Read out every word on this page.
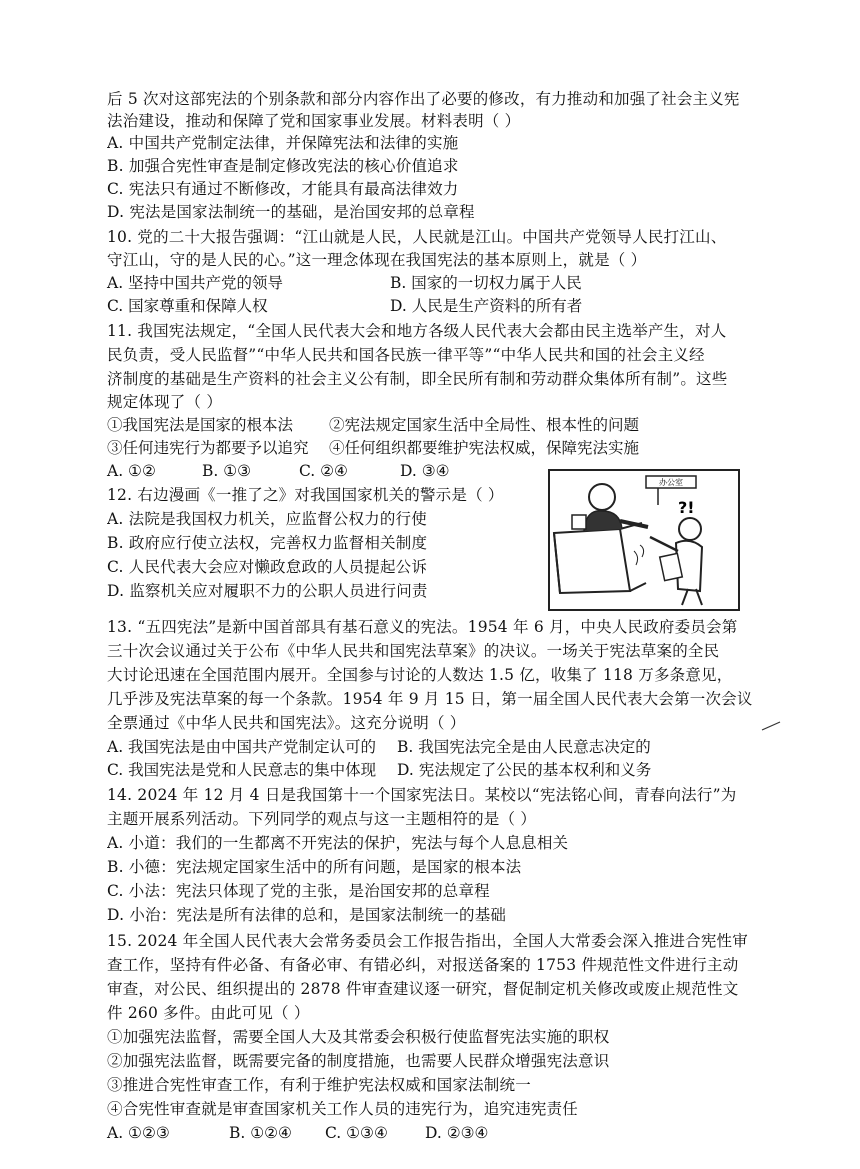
后 5 次对这部宪法的个别条款和部分内容作出了必要的修改，有力推动和加强了社会主义宪
法治建设，推动和保障了党和国家事业发展。材料表明（ ）
A. 中国共产党制定法律，并保障宪法和法律的实施
B. 加强合宪性审查是制定修改宪法的核心价值追求
C. 宪法只有通过不断修改，才能具有最高法律效力
D. 宪法是国家法制统一的基础，是治国安邦的总章程
10. 党的二十大报告强调：“江山就是人民，人民就是江山。中国共产党领导人民打江山、
守江山，守的是人民的心。”这一理念体现在我国宪法的基本原则上，就是（ ）
A. 坚持中国共产党的领导	B. 国家的一切权力属于人民
C. 国家尊重和保障人权	D. 人民是生产资料的所有者
11. 我国宪法规定，“全国人民代表大会和地方各级人民代表大会都由民主选举产生，对人
民负责，受人民监督”“中华人民共和国各民族一律平等”“中华人民共和国的社会主义经
济制度的基础是生产资料的社会主义公有制，即全民所有制和劳动群众集体所有制”。这些
规定体现了（ ）
①我国宪法是国家的根本法 ②宪法规定国家生活中全局性、根本性的问题
③任何违宪行为都要予以追究 ④任何组织都要维护宪法权威，保障宪法实施
A. ①②	B. ①③	C. ②④	D. ③④
12. 右边漫画《一推了之》对我国国家机关的警示是（ ）
A. 法院是我国权力机关，应监督公权力的行使
B. 政府应行使立法权，完善权力监督相关制度
C. 人民代表大会应对懒政怠政的人员提起公诉
D. 监察机关应对履职不力的公职人员进行问责
办公室
?!
13. “五四宪法”是新中国首部具有基石意义的宪法。1954 年 6 月，中央人民政府委员会第
三十次会议通过关于公布《中华人民共和国宪法草案》的决议。一场关于宪法草案的全民
大讨论迅速在全国范围内展开。全国参与讨论的人数达 1.5 亿，收集了 118 万多条意见，
几乎涉及宪法草案的每一个条款。1954 年 9 月 15 日，第一届全国人民代表大会第一次会议
全票通过《中华人民共和国宪法》。这充分说明（ ）
A. 我国宪法是由中国共产党制定认可的 B. 我国宪法完全是由人民意志决定的
C. 我国宪法是党和人民意志的集中体现 D. 宪法规定了公民的基本权利和义务
14. 2024 年 12 月 4 日是我国第十一个国家宪法日。某校以“宪法铭心间，青春向法行”为
主题开展系列活动。下列同学的观点与这一主题相符的是（ ）
A. 小道：我们的一生都离不开宪法的保护，宪法与每个人息息相关
B. 小德：宪法规定国家生活中的所有问题，是国家的根本法
C. 小法：宪法只体现了党的主张，是治国安邦的总章程
D. 小治：宪法是所有法律的总和，是国家法制统一的基础
15. 2024 年全国人民代表大会常务委员会工作报告指出，全国人大常委会深入推进合宪性审
查工作，坚持有件必备、有备必审、有错必纠，对报送备案的 1753 件规范性文件进行主动
审查，对公民、组织提出的 2878 件审查建议逐一研究，督促制定机关修改或废止规范性文
件 260 多件。由此可见（ ）
①加强宪法监督，需要全国人大及其常委会积极行使监督宪法实施的职权
②加强宪法监督，既需要完备的制度措施，也需要人民群众增强宪法意识
③推进合宪性审查工作，有利于维护宪法权威和国家法制统一
④合宪性审查就是审查国家机关工作人员的违宪行为，追究违宪责任
A. ①②③	B. ①②④ C. ①③④ D. ②③④
